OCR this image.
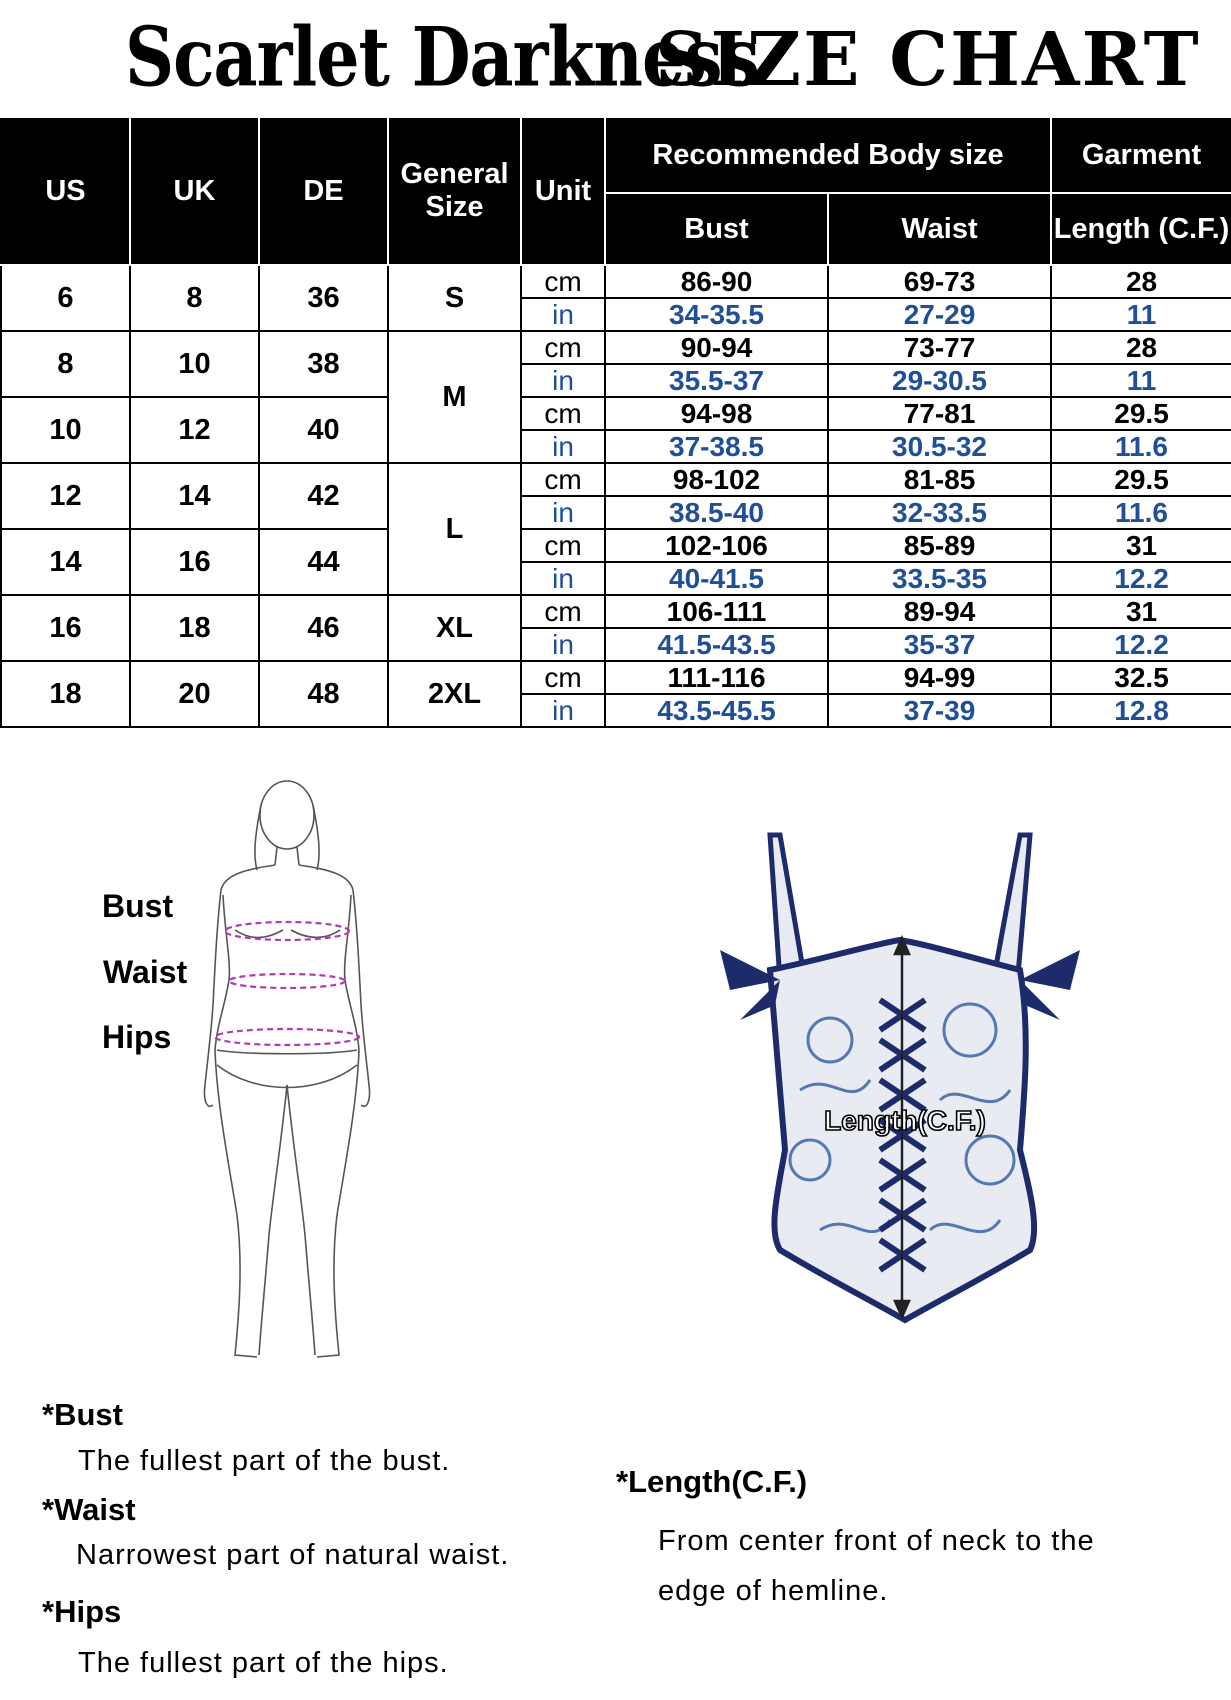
Scarlet Darkness
SIZE CHART
US	UK	DE	General Size	Unit	Recommended Body size		Garment
					Bust	Waist	Length (C.F.)
6	8	36	S	cm	86-90	69-73	28
				in	34-35.5	27-29	11
8	10	38	M	cm	90-94	73-77	28
				in	35.5-37	29-30.5	11
10	12	40		cm	94-98	77-81	29.5
				in	37-38.5	30.5-32	11.6
12	14	42	L	cm	98-102	81-85	29.5
				in	38.5-40	32-33.5	11.6
14	16	44		cm	102-106	85-89	31
				in	40-41.5	33.5-35	12.2
16	18	46	XL	cm	106-111	89-94	31
				in	41.5-43.5	35-37	12.2
18	20	48	2XL	cm	111-116	94-99	32.5
				in	43.5-45.5	37-39	12.8
Bust
Waist
Hips
Length(C.F.)
*Bust
The fullest part of the bust.
*Waist
Narrowest part of natural waist.
*Hips
The fullest part of the hips.
*Length(C.F.)
From center front of neck to the
edge of hemline.
